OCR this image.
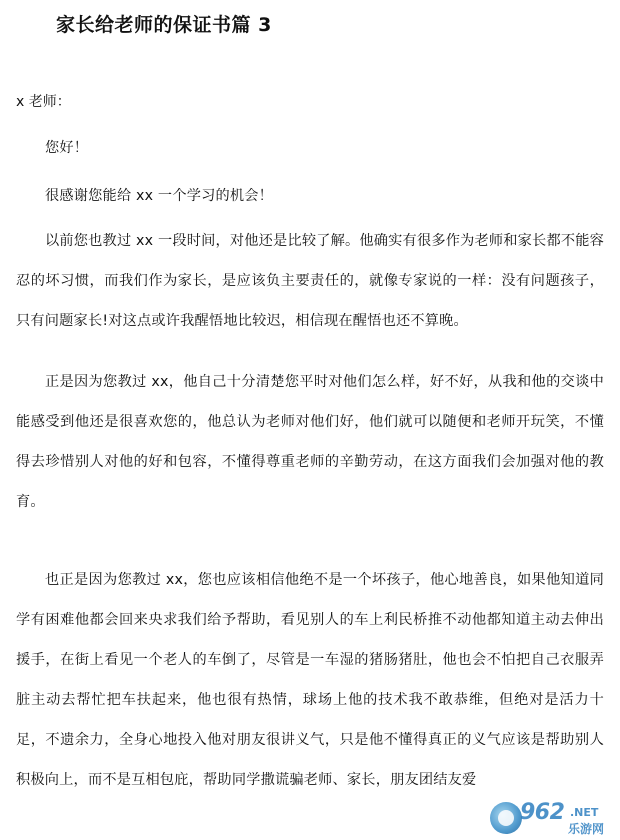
家长给老师的保证书篇 3
x 老师：

您好！

很感谢您能给 xx 一个学习的机会！

以前您也教过 xx 一段时间，对他还是比较了解。他确实有很多作为老师和家长都不能容忍的坏习惯，而我们作为家长，是应该负主要责任的，就像专家说的一样：没有问题孩子，只有问题家长!对这点或许我醒悟地比较迟，相信现在醒悟也还不算晚。

正是因为您教过 xx，他自己十分清楚您平时对他们怎么样，好不好，从我和他的交谈中能感受到他还是很喜欢您的，他总认为老师对他们好，他们就可以随便和老师开玩笑，不懂得去珍惜别人对他的好和包容，不懂得尊重老师的辛勤劳动，在这方面我们会加强对他的教育。

也正是因为您教过 xx，您也应该相信他绝不是一个坏孩子，他心地善良，如果他知道同学有困难他都会回来央求我们给予帮助，看见别人的车上利民桥推不动他都知道主动去伸出援手，在街上看见一个老人的车倒了，尽管是一车湿的猪肠猪肚，他也会不怕把自己衣服弄脏主动去帮忙把车扶起来，他也很有热情，球场上他的技术我不敢恭维，但绝对是活力十足，不遗余力，全身心地投入他对朋友很讲义气，只是他不懂得真正的义气应该是帮助别人积极向上，而不是互相包庇，帮助同学撒谎骗老师、家长，朋友团结友爱

962 .NET
乐游网
